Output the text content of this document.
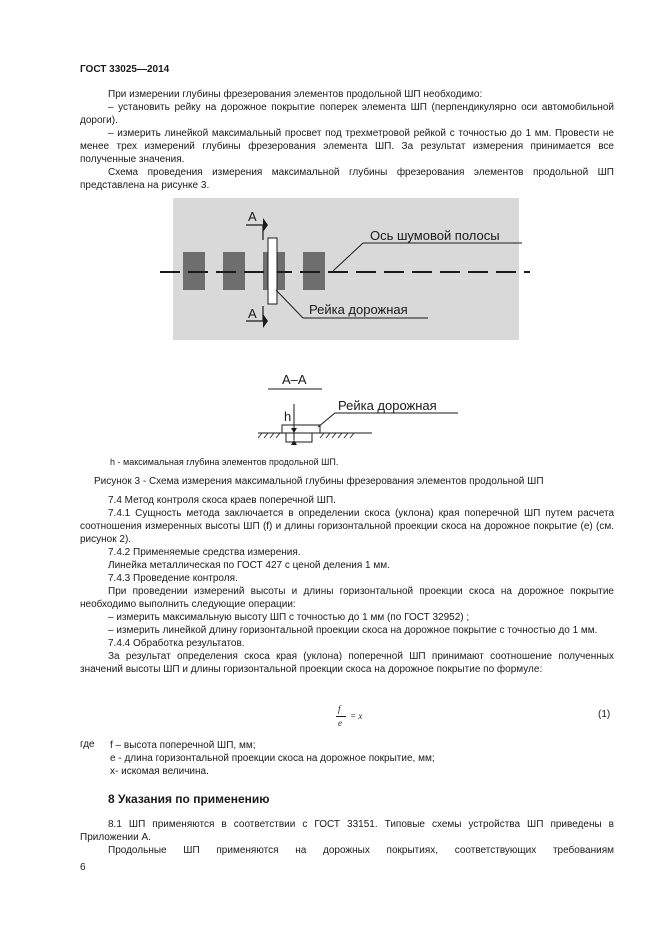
ГОСТ 33025—2014

При измерении глубины фрезерования элементов продольной ШП необходимо:

– установить рейку на дорожное покрытие поперек элемента ШП (перпендикулярно оси автомобильной дороги).

– измерить линейкой максимальный просвет под трехметровой рейкой с точностью до 1 мм. Провести не менее трех измерений глубины фрезерования элемента ШП. За результат измерения принимается все полученные значения.

Схема проведения измерения максимальной глубины фрезерования элементов продольной ШП представлена на рисунке 3.

A
A
Ось шумовой полосы
Рейка дорожная
A–A
h
Рейка дорожная
h - максимальная глубина элементов продольной ШП.
Рисунок 3 - Схема измерения максимальной глубины фрезерования элементов продольной ШП

7.4 Метод контроля скоса краев поперечной ШП.

7.4.1 Сущность метода заключается в определении скоса (уклона) края поперечной ШП путем расчета соотношения измеренных высоты ШП (f) и длины горизонтальной проекции скоса на дорожное покрытие (e) (см. рисунок 2).

7.4.2 Применяемые средства измерения.

Линейка металлическая по ГОСТ 427 с ценой деления 1 мм.

7.4.3 Проведение контроля.

При проведении измерений высоты и длины горизонтальной проекции скоса на дорожное покрытие необходимо выполнить следующие операции:

– измерить максимальную высоту ШП с точностью до 1 мм (по ГОСТ 32952) ;

– измерить линейкой длину горизонтальной проекции скоса на дорожное покрытие с точностью до 1 мм.

7.4.4 Обработка результатов.

За результат определения скоса края (уклона) поперечной ШП принимают соотношение полученных значений высоты ШП и длины горизонтальной проекции скоса на дорожное покрытие по формуле:

f
e
= x	(1)
где f – высота поперечной ШП, мм;
e - длина горизонтальной проекции скоса на дорожное покрытие, мм;
x- искомая величина.
8 Указания по применению

8.1 ШП применяются в соответствии с ГОСТ 33151. Типовые схемы устройства ШП приведены в Приложении А.

Продольные ШП применяются на дорожных покрытиях, соответствующих требованиям

6
